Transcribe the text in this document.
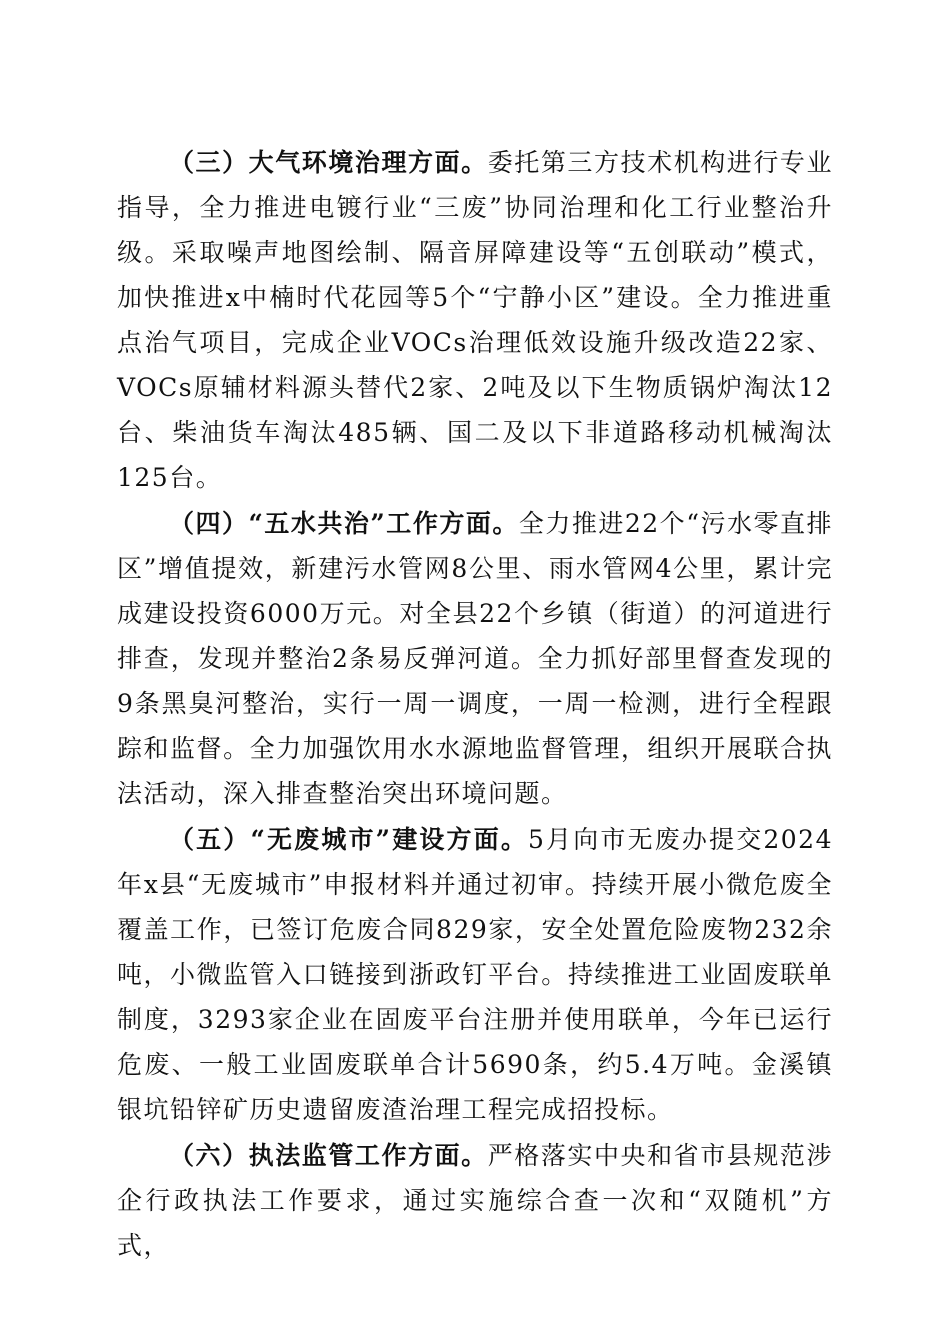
（三）大气环境治理方面。委托第三方技术机构进行专业指导，全力推进电镀行业“三废”协同治理和化工行业整治升级。采取噪声地图绘制、隔音屏障建设等“五创联动”模式，加快推进x中楠时代花园等5个“宁静小区”建设。全力推进重点治气项目，完成企业VOCs治理低效设施升级改造22家、VOCs原辅材料源头替代2家、2吨及以下生物质锅炉淘汰12台、柴油货车淘汰485辆、国二及以下非道路移动机械淘汰125台。

（四）“五水共治”工作方面。全力推进22个“污水零直排区”增值提效，新建污水管网8公里、雨水管网4公里，累计完成建设投资6000万元。对全县22个乡镇（街道）的河道进行排查，发现并整治2条易反弹河道。全力抓好部里督查发现的9条黑臭河整治，实行一周一调度，一周一检测，进行全程跟踪和监督。全力加强饮用水水源地监督管理，组织开展联合执法活动，深入排查整治突出环境问题。

（五）“无废城市”建设方面。5月向市无废办提交2024年x县“无废城市”申报材料并通过初审。持续开展小微危废全覆盖工作，已签订危废合同829家，安全处置危险废物232余吨，小微监管入口链接到浙政钉平台。持续推进工业固废联单制度，3293家企业在固废平台注册并使用联单，今年已运行危废、一般工业固废联单合计5690条，约5.4万吨。金溪镇银坑铅锌矿历史遗留废渣治理工程完成招投标。

（六）执法监管工作方面。严格落实中央和省市县规范涉企行政执法工作要求，通过实施综合查一次和“双随机”方式，
